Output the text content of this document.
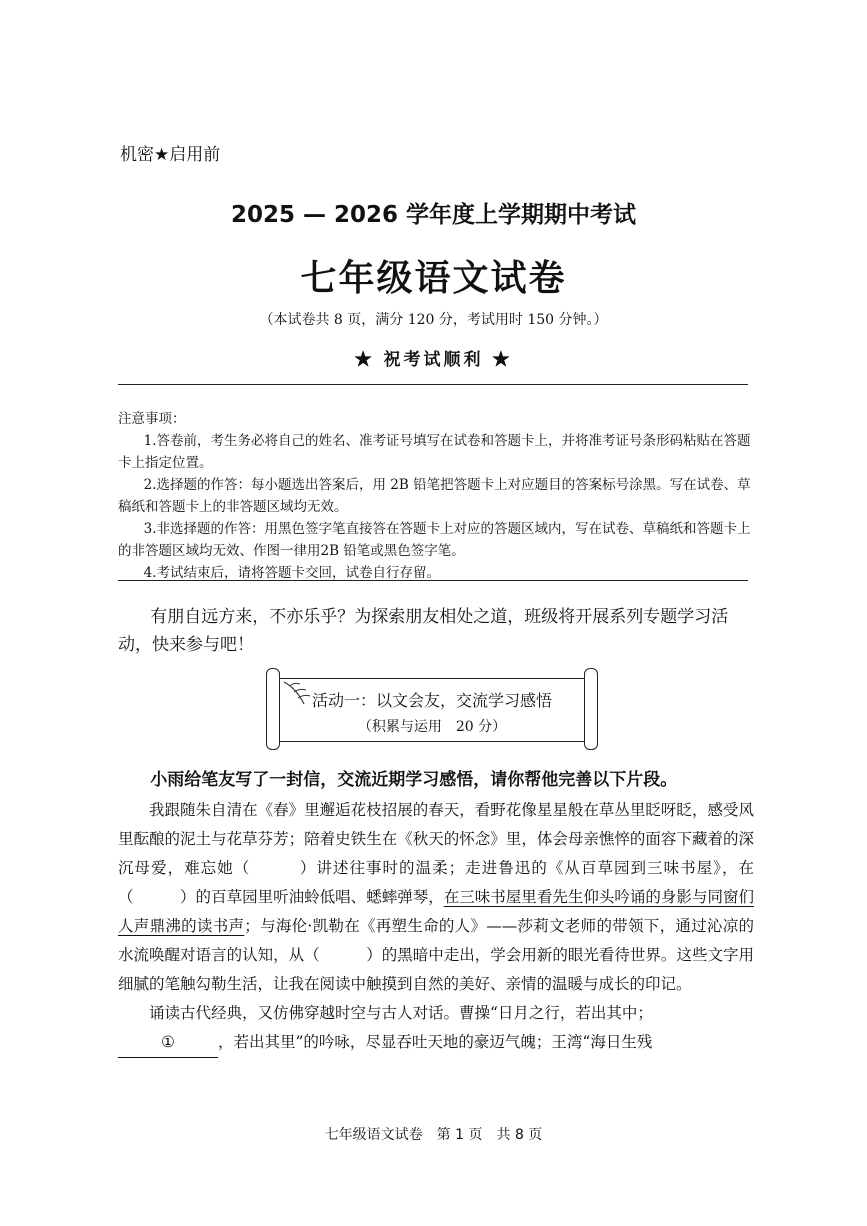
机密★启用前
2025 — 2026 学年度上学期期中考试
七年级语文试卷
（本试卷共 8 页，满分 120 分，考试用时 150 分钟。）
★ 祝考试顺利 ★

注意事项：

1.答卷前，考生务必将自己的姓名、准考证号填写在试卷和答题卡上，并将准考证号条形码粘贴在答题卡上指定位置。

2.选择题的作答：每小题选出答案后，用 2B 铅笔把答题卡上对应题目的答案标号涂黑。写在试卷、草稿纸和答题卡上的非答题区域均无效。

3.非选择题的作答：用黑色签字笔直接答在答题卡上对应的答题区域内，写在试卷、草稿纸和答题卡上的非答题区域均无效、作图一律用2B 铅笔或黑色签字笔。

4.考试结束后，请将答题卡交回，试卷自行存留。

有朋自远方来，不亦乐乎？为探索朋友相处之道，班级将开展系列专题学习活动，快来参与吧！
活动一：以文会友，交流学习感悟
（积累与运用　20 分）
小雨给笔友写了一封信，交流近期学习感悟，请你帮他完善以下片段。

我跟随朱自清在《春》里邂逅花枝招展的春天，看野花像星星般在草丛里眨呀眨，感受风里酝酿的泥土与花草芬芳；陪着史铁生在《秋天的怀念》里，体会母亲憔悴的面容下藏着的深沉母爱，难忘她（　　　）讲述往事时的温柔；走进鲁迅的《从百草园到三味书屋》，在（　　　）的百草园里听油蛉低唱、蟋蟀弹琴，在三味书屋里看先生仰头吟诵的身影与同窗们人声鼎沸的读书声；与海伦·凯勒在《再塑生命的人》——莎莉文老师的带领下，通过沁凉的水流唤醒对语言的认知，从（　　　）的黑暗中走出，学会用新的眼光看待世界。这些文字用细腻的笔触勾勒生活，让我在阅读中触摸到自然的美好、亲情的温暖与成长的印记。

诵读古代经典，又仿佛穿越时空与古人对话。曹操“日月之行，若出其中；
①	，若出其里”的吟咏，尽显吞吐天地的豪迈气魄；王湾“海日生残

七年级语文试卷　第 1 页　共 8 页
